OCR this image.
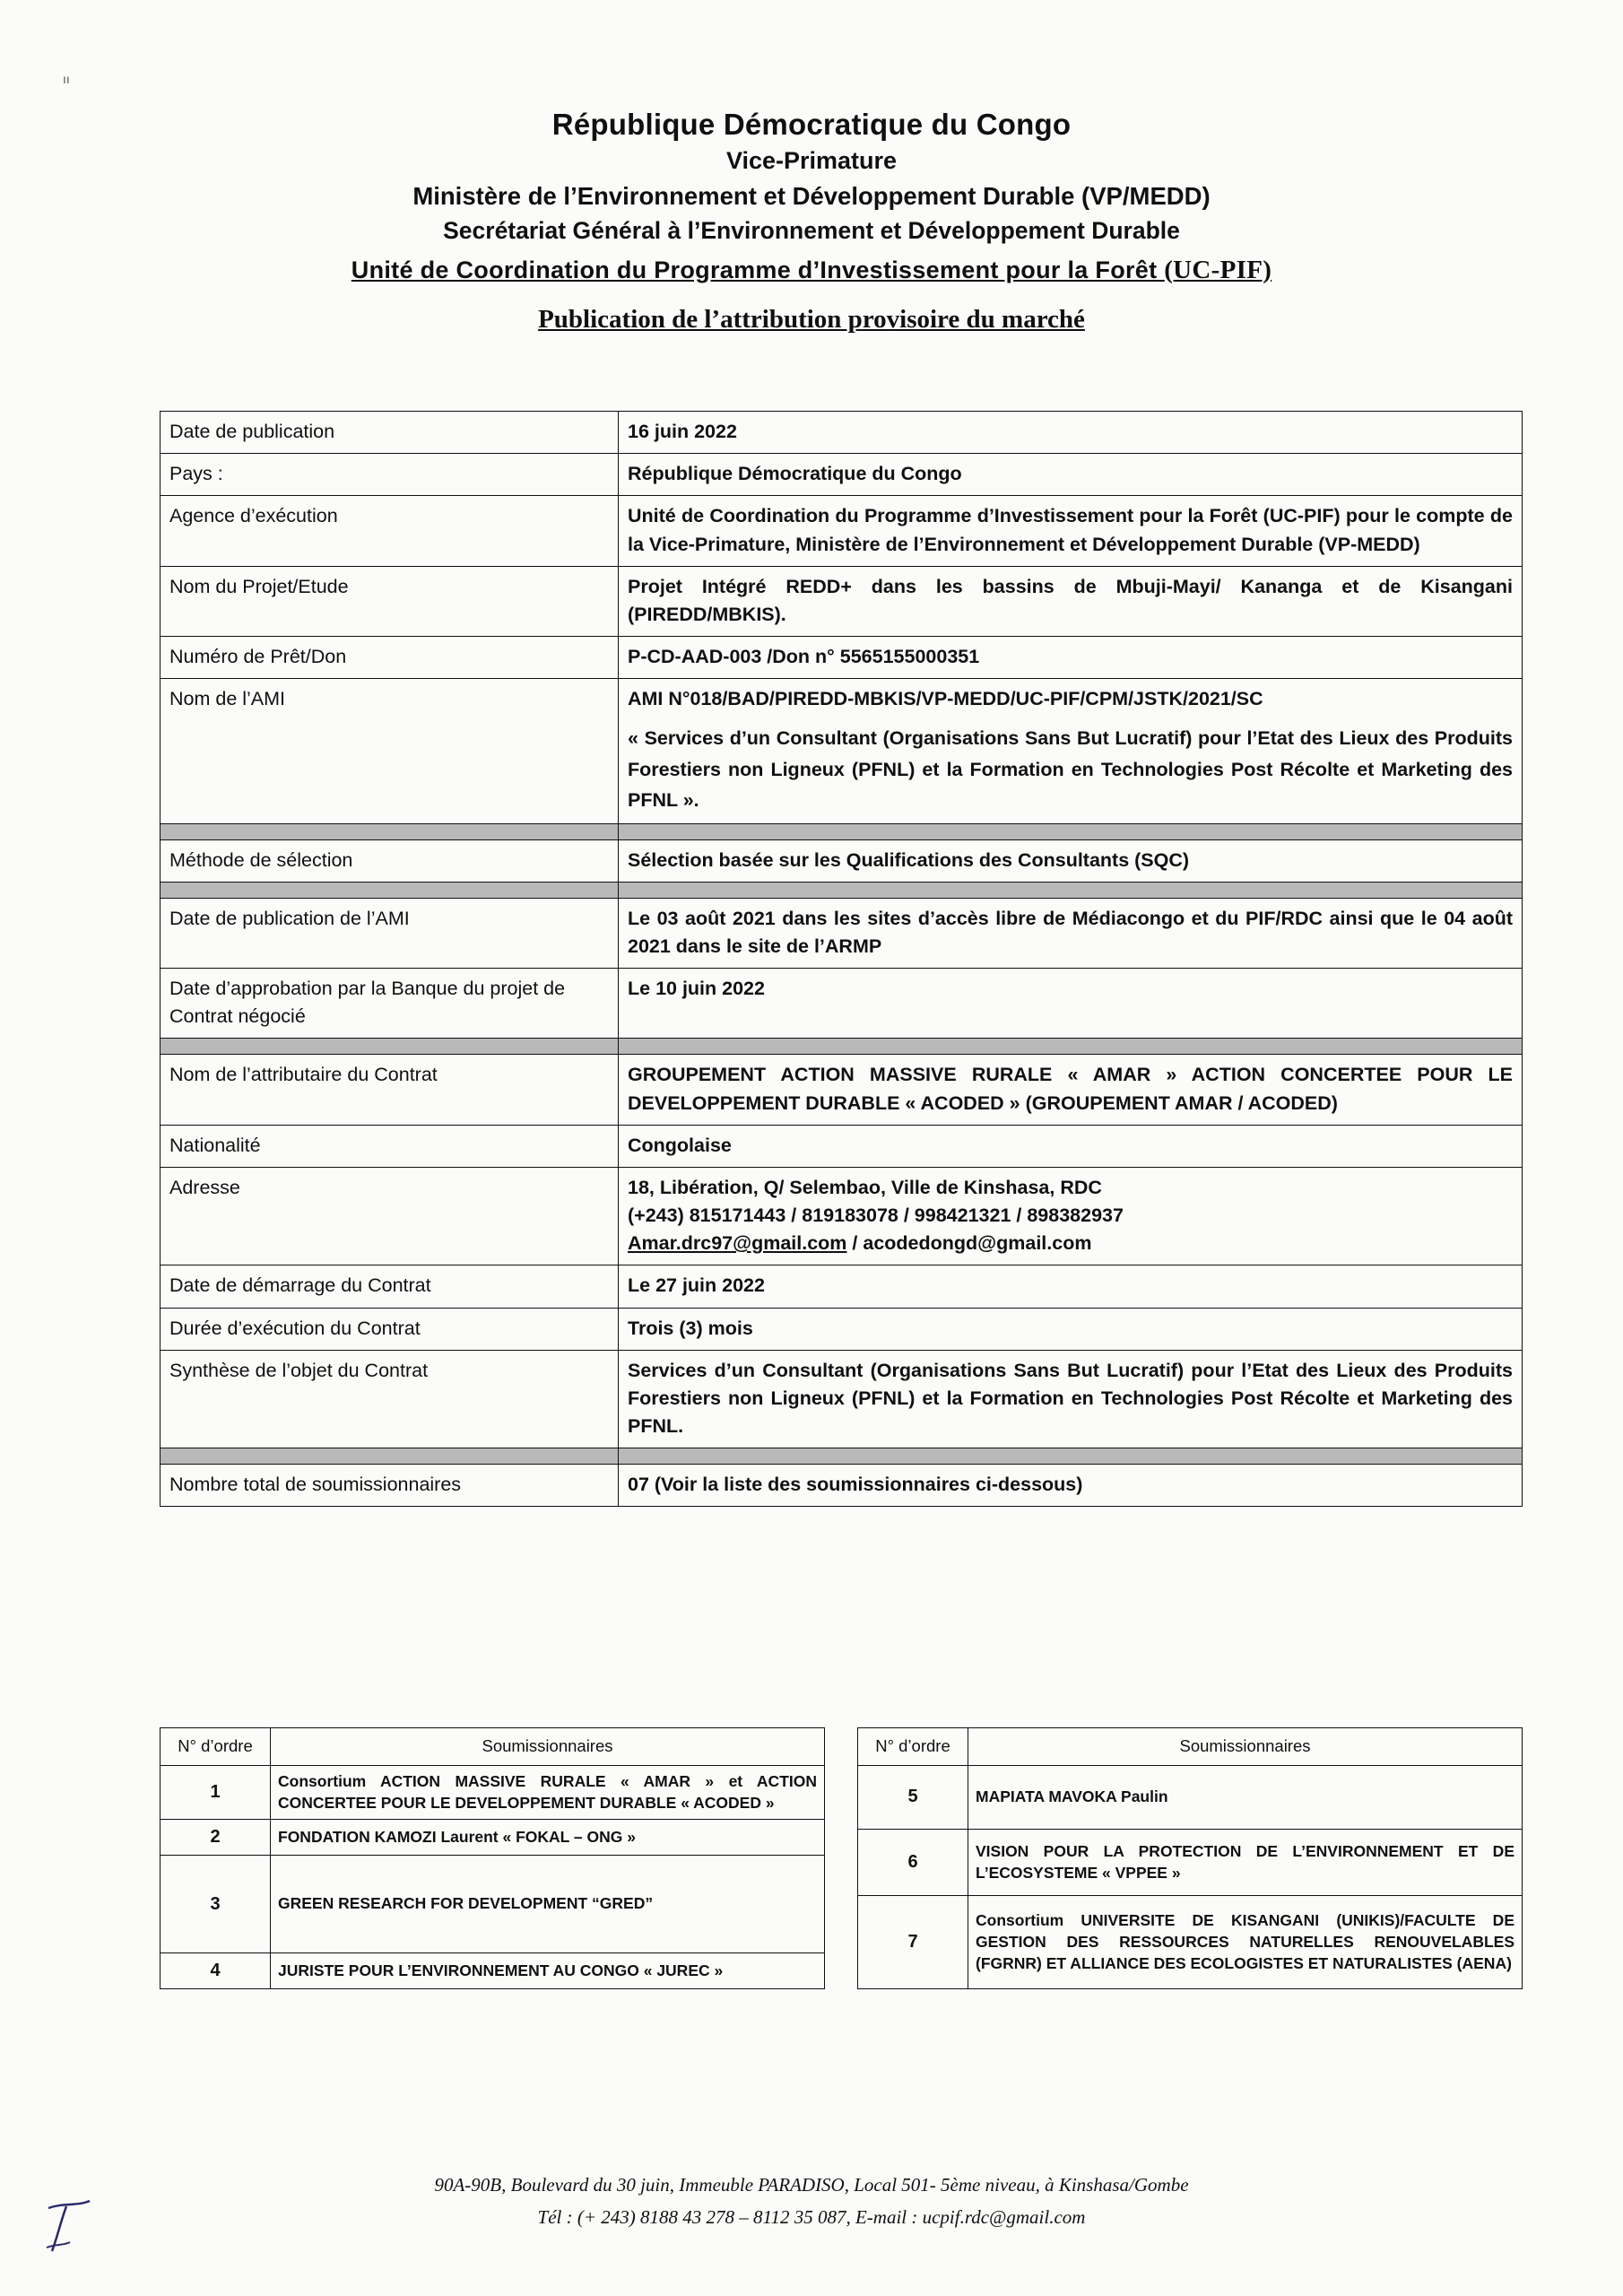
ıı
République Démocratique du Congo
Vice-Primature
Ministère de l’Environnement et Développement Durable (VP/MEDD)
Secrétariat Général à l’Environnement et Développement Durable
Unité de Coordination du Programme d’Investissement pour la Forêt (UC-PIF)
Publication de l’attribution provisoire du marché
Date de publication	16 juin 2022
Pays :	République Démocratique du Congo
Agence d’exécution	Unité de Coordination du Programme d’Investissement pour la Forêt (UC-PIF) pour le compte de la Vice-Primature, Ministère de l’Environnement et Développement Durable (VP-MEDD)
Nom du Projet/Etude	Projet Intégré REDD+ dans les bassins de Mbuji-Mayi/ Kananga et de Kisangani (PIREDD/MBKIS).
Numéro de Prêt/Don	P-CD-AAD-003 /Don n° 5565155000351
Nom de l’AMI	AMI N°018/BAD/PIREDD-MBKIS/VP-MEDD/UC-PIF/CPM/JSTK/2021/SC
« Services d’un Consultant (Organisations Sans But Lucratif) pour l’Etat des Lieux des Produits Forestiers non Ligneux (PFNL) et la Formation en Technologies Post Récolte et Marketing des PFNL ».

Méthode de sélection	Sélection basée sur les Qualifications des Consultants (SQC)

Date de publication de l’AMI	Le 03 août 2021 dans les sites d’accès libre de Médiacongo et du PIF/RDC ainsi que le 04 août 2021 dans le site de l’ARMP
Date d’approbation par la Banque du projet de Contrat négocié	Le 10 juin 2022

Nom de l’attributaire du Contrat	GROUPEMENT ACTION MASSIVE RURALE « AMAR » ACTION CONCERTEE POUR LE DEVELOPPEMENT DURABLE « ACODED » (GROUPEMENT AMAR / ACODED)
Nationalité	Congolaise
Adresse	18, Libération, Q/ Selembao, Ville de Kinshasa, RDC
(+243) 815171443 / 819183078 / 998421321 / 898382937
Amar.drc97@gmail.com / acodedongd@gmail.com

Date de démarrage du Contrat	Le 27 juin 2022
Durée d’exécution du Contrat	Trois (3) mois
Synthèse de l’objet du Contrat	Services d’un Consultant (Organisations Sans But Lucratif) pour l’Etat des Lieux des Produits Forestiers non Ligneux (PFNL) et la Formation en Technologies Post Récolte et Marketing des PFNL.

Nombre total de soumissionnaires	07 (Voir la liste des soumissionnaires ci-dessous)
N° d’ordre	Soumissionnaires
1	Consortium ACTION MASSIVE RURALE « AMAR » et ACTION CONCERTEE POUR LE DEVELOPPEMENT DURABLE « ACODED »
2	FONDATION KAMOZI Laurent « FOKAL – ONG »
3	GREEN RESEARCH FOR DEVELOPMENT “GRED”
4	JURISTE POUR L’ENVIRONNEMENT AU CONGO « JUREC »
N° d’ordre	Soumissionnaires
5	MAPIATA MAVOKA Paulin
6	VISION POUR LA PROTECTION DE L’ENVIRONNEMENT ET DE L’ECOSYSTEME « VPPEE »
7	Consortium UNIVERSITE DE KISANGANI (UNIKIS)/FACULTE DE GESTION DES RESSOURCES NATURELLES RENOUVELABLES (FGRNR) ET ALLIANCE DES ECOLOGISTES ET NATURALISTES (AENA)
90A-90B, Boulevard du 30 juin, Immeuble PARADISO, Local 501- 5ème niveau, à Kinshasa/Gombe
Tél : (+ 243) 8188 43 278 – 8112 35 087, E-mail : ucpif.rdc@gmail.com
